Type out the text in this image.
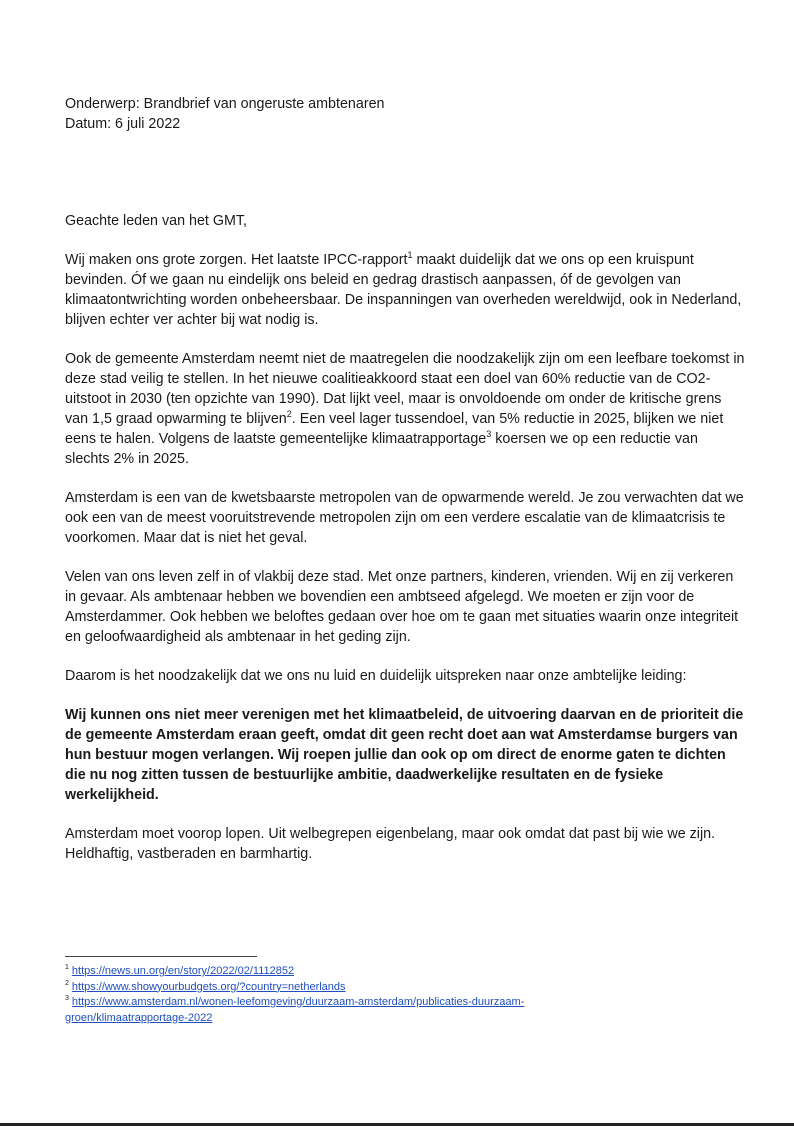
Onderwerp: Brandbrief van ongeruste ambtenaren
Datum: 6 juli 2022

Geachte leden van het GMT,

Wij maken ons grote zorgen. Het laatste IPCC-rapport$^1$ maakt duidelijk dat we ons op een kruispunt bevinden. Óf we gaan nu eindelijk ons beleid en gedrag drastisch aanpassen, óf de gevolgen van klimaatontwrichting worden onbeheersbaar. De inspanningen van overheden wereldwijd, ook in Nederland, blijven echter ver achter bij wat nodig is.

Ook de gemeente Amsterdam neemt niet de maatregelen die noodzakelijk zijn om een leefbare toekomst in deze stad veilig te stellen. In het nieuwe coalitieakkoord staat een doel van 60% reductie van de CO2-uitstoot in 2030 (ten opzichte van 1990). Dat lijkt veel, maar is onvoldoende om onder de kritische grens van 1,5 graad opwarming te blijven$^2$. Een veel lager tussendoel, van 5% reductie in 2025, blijken we niet eens te halen. Volgens de laatste gemeentelijke klimaatrapportage$^3$ koersen we op een reductie van slechts 2% in 2025.

Amsterdam is een van de kwetsbaarste metropolen van de opwarmende wereld. Je zou verwachten dat we ook een van de meest vooruitstrevende metropolen zijn om een verdere escalatie van de klimaatcrisis te voorkomen. Maar dat is niet het geval.

Velen van ons leven zelf in of vlakbij deze stad. Met onze partners, kinderen, vrienden. Wij en zij verkeren in gevaar. Als ambtenaar hebben we bovendien een ambtseed afgelegd. We moeten er zijn voor de Amsterdammer. Ook hebben we beloftes gedaan over hoe om te gaan met situaties waarin onze integriteit en geloofwaardigheid als ambtenaar in het geding zijn.

Daarom is het noodzakelijk dat we ons nu luid en duidelijk uitspreken naar onze ambtelijke leiding:

Wij kunnen ons niet meer verenigen met het klimaatbeleid, de uitvoering daarvan en de prioriteit die de gemeente Amsterdam eraan geeft, omdat dit geen recht doet aan wat Amsterdamse burgers van hun bestuur mogen verlangen. Wij roepen jullie dan ook op om direct de enorme gaten te dichten die nu nog zitten tussen de bestuurlijke ambitie, daadwerkelijke resultaten en de fysieke werkelijkheid.

Amsterdam moet voorop lopen. Uit welbegrepen eigenbelang, maar ook omdat dat past bij wie we zijn. Heldhaftig, vastberaden en barmhartig.

$^1$ https://news.un.org/en/story/2022/02/1112852
$^2$ https://www.showyourbudgets.org/?country=netherlands
$^3$ https://www.amsterdam.nl/wonen-leefomgeving/duurzaam-amsterdam/publicaties-duurzaam-groen/klimaatrapportage-2022
